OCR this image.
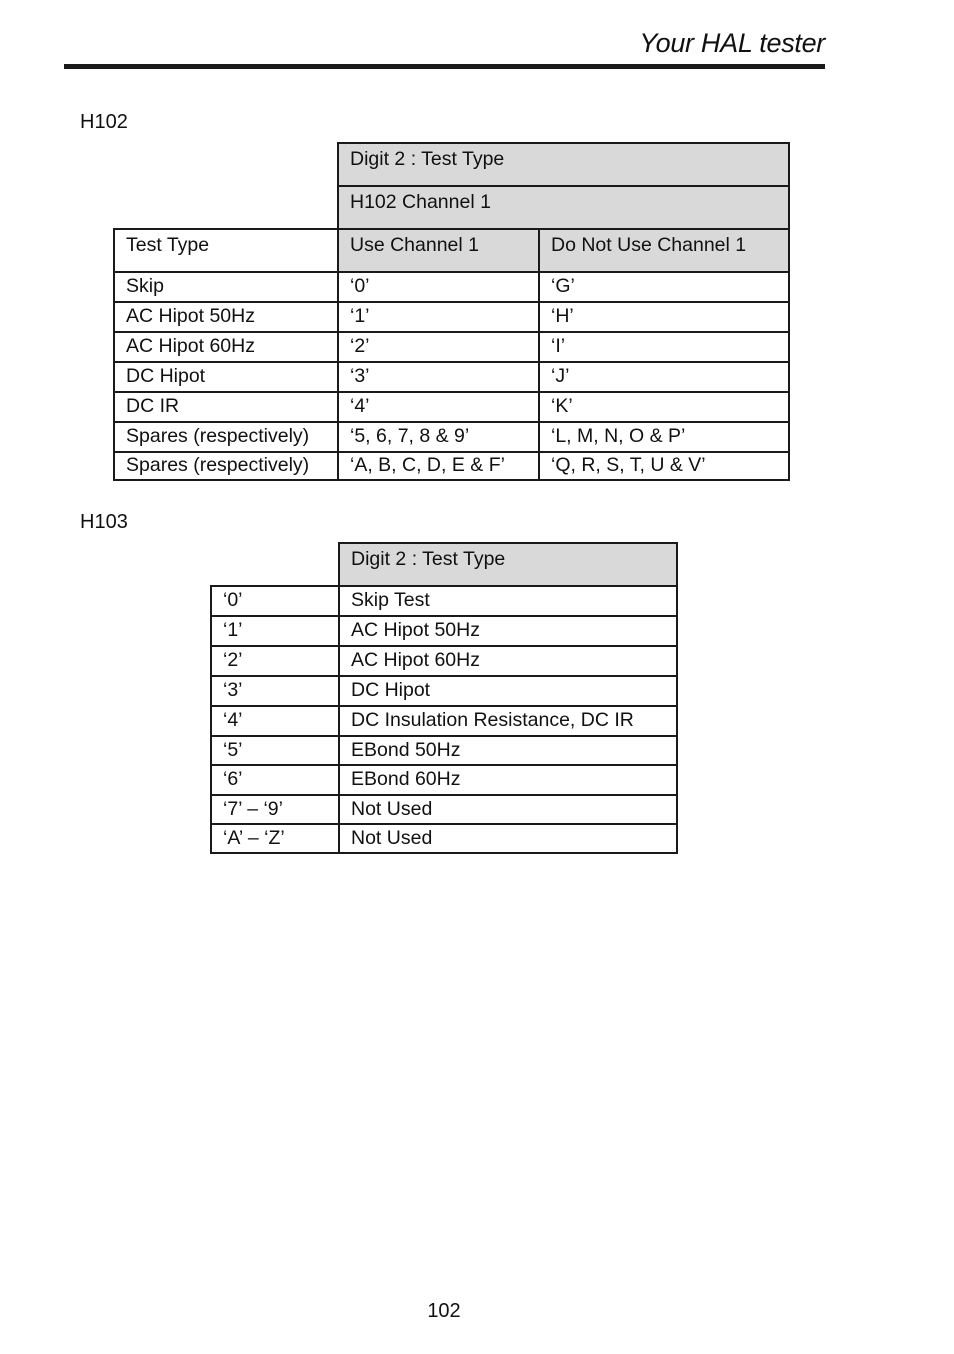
Your HAL tester
H102
Digit 2 : Test Type
H102 Channel 1
Test Type	Use Channel 1	Do Not Use Channel 1
Skip	‘0’	‘G’
AC Hipot 50Hz	‘1’	‘H’
AC Hipot 60Hz	‘2’	‘I’
DC Hipot	‘3’	‘J’
DC IR	‘4’	‘K’
Spares (respectively)	‘5, 6, 7, 8 & 9’	‘L, M, N, O & P’
Spares (respectively)	‘A, B, C, D, E & F’	‘Q, R, S, T, U & V’
H103
Digit 2 : Test Type
‘0’	Skip Test
‘1’	AC Hipot 50Hz
‘2’	AC Hipot 60Hz
‘3’	DC Hipot
‘4’	DC Insulation Resistance, DC IR
‘5’	EBond 50Hz
‘6’	EBond 60Hz
‘7’ – ‘9’	Not Used
‘A’ – ‘Z’	Not Used
102
